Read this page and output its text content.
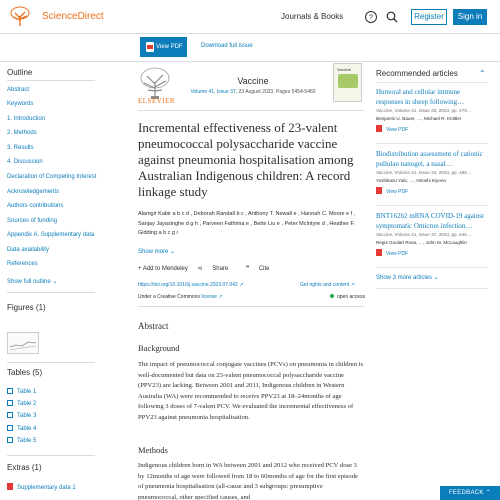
ScienceDirect	Journals & Books	?	Register	Sign in
View PDF	Download full issue
Outline
Abstract
Keywords
1. Introduction
2. Methods
3. Results
4. Discussion
Declaration of Competing Interest
Acknowledgements
Authors contributions
Sources of funding
Appendix A. Supplementary data
Data availability
References
Show full outline ⌄
Figures (1)
Tables (5)
Table 1
Table 2
Table 3
Table 4
Table 5
Extras (1)
Supplementary data 1
ELSEVIER
Vaccine
Volume 41, Issue 37, 23 August 2023, Pages 5454-5460
Vaccine
Incremental effectiveness of 23-valent pneumococcal polysaccharide vaccine against pneumonia hospitalisation among Australian Indigenous children: A record linkage study
Alamgir Kabir a b c d , Deborah Randall b c , Anthony T. Newall e , Hannah C. Moore e f , Sanjay Jayasinghe d g h , Parveen Fathima e , Bette Liu e , Peter McIntyre d , Heather F. Gidding a b c g i
Show more ⌄
+ Add to Mendeley ⋖ Share	❞ Cite
https://doi.org/10.1016/j.vaccine.2023.07.042 ↗	Get rights and content ↗
Under a Creative Commons license ↗	open access
Abstract
Background

The impact of pneumococcal conjugate vaccines (PCVs) on pneumonia in children is well-documented but data on 23-valent pneumococcal polysaccharide vaccine (PPV23) are lacking. Between 2001 and 2011, Indigenous children in Western Australia (WA) were recommended to receive PPV23 at 18–24months of age following 3 doses of 7-valent PCV. We evaluated the incremental effectiveness of PPV23 against pneumonia hospitalisation.

Methods

Indigenous children born in WA between 2001 and 2012 who received PCV dose 3 by 12months of age were followed from 18 to 60months of age for the first episode of pneumonia hospitalisation (all-cause and 3 subgroups: presumptive pneumococcal, other specified causes, and

Recommended articles	⌃
Humoral and cellular immune responses in sheep following…
Vaccine, Volume 41, Issue 33, 2023, pp. 479…
Benjamin U. Bauer, …, Michael R. Knittler
View PDF
Biodistribution assessment of cationic pullulan nanogel, a nasal…
Vaccine, Volume 41, Issue 34, 2023, pp. 499…
Yoshikazu Yuki, …, Hiroshi Kiyono
View PDF
BNT162b2 mRNA COVID-19 against symptomatic Omicron infection…
Vaccine, Volume 41, Issue 37, 2023, pp. 546…
Regis Goulart Rosa, …, John M. McLaughlin
View PDF
Show 3 more articles ⌄
FEEDBACK ⌃
